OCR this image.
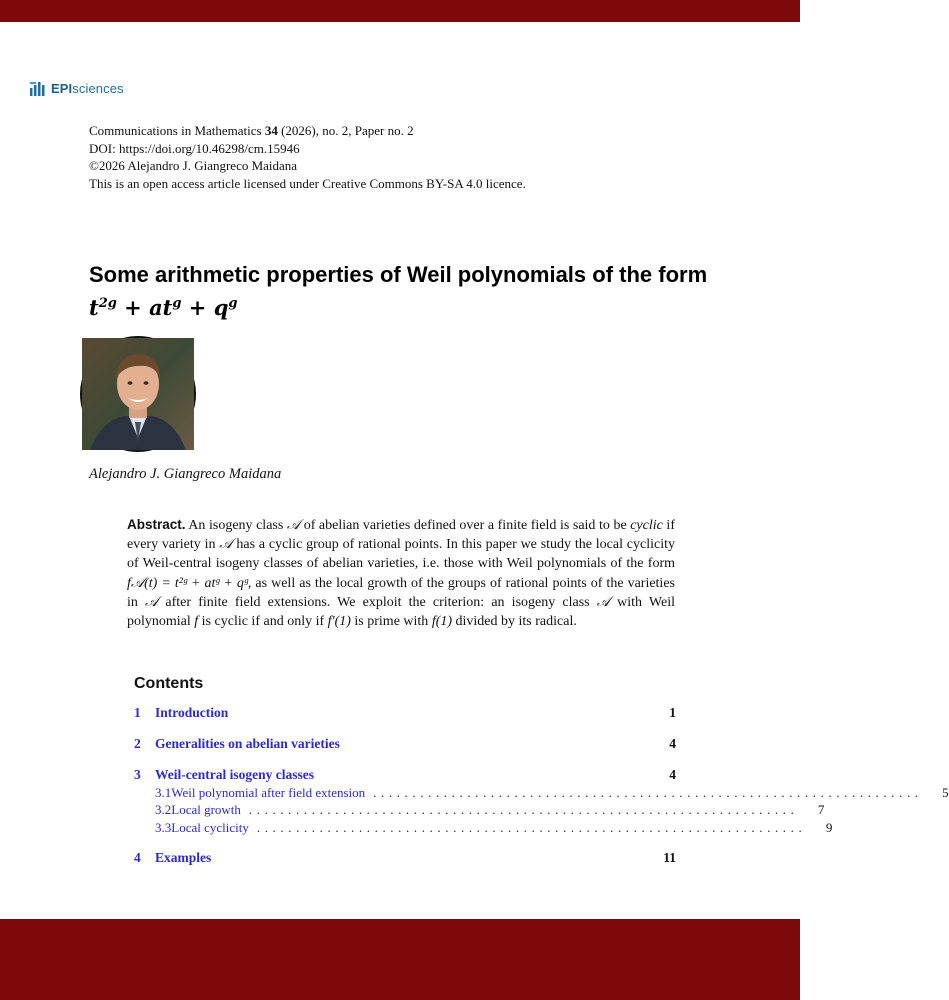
EPIsciences
Communications in Mathematics 34 (2026), no. 2, Paper no. 2
DOI: https://doi.org/10.46298/cm.15946
©2026 Alejandro J. Giangreco Maidana
This is an open access article licensed under Creative Commons BY-SA 4.0 licence.
Some arithmetic properties of Weil polynomials of the form
$t^{2g} + at^g + q^g$
Alejandro J. Giangreco Maidana
Abstract. An isogeny class 𝒜 of abelian varieties defined over a finite field is said to be cyclic if every variety in 𝒜 has a cyclic group of rational points. In this paper we study the local cyclicity of Weil-central isogeny classes of abelian varieties, i.e. those with Weil polynomials of the form f𝒜(t) = t²ᵍ + atᵍ + qᵍ, as well as the local growth of the groups of rational points of the varieties in 𝒜 after finite field extensions. We exploit the criterion: an isogeny class 𝒜 with Weil polynomial f is cyclic if and only if f′(1) is prime with f(1) divided by its radical.
Contents
1	Introduction	1
2	Generalities on abelian varieties	4
3	Weil-central isogeny classes	4
3.1 Weil polynomial after field extension ......................................................................	5
3.2 Local growth ......................................................................	7
3.3 Local cyclicity ......................................................................	9
4	Examples	11
